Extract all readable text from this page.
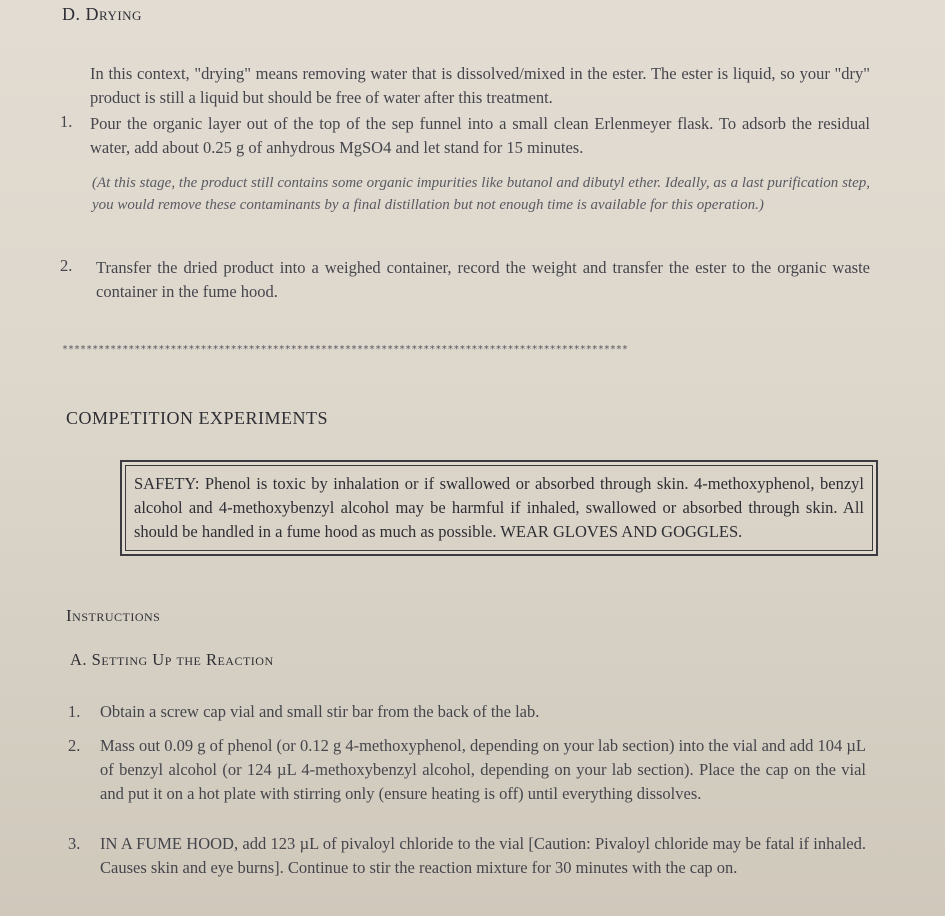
D. Drying
In this context, "drying" means removing water that is dissolved/mixed in the ester. The ester is liquid, so your "dry" product is still a liquid but should be free of water after this treatment.
1. Pour the organic layer out of the top of the sep funnel into a small clean Erlenmeyer flask. To adsorb the residual water, add about 0.25 g of anhydrous MgSO4 and let stand for 15 minutes.
(At this stage, the product still contains some organic impurities like butanol and dibutyl ether. Ideally, as a last purification step, you would remove these contaminants by a final distillation but not enough time is available for this operation.)
2. Transfer the dried product into a weighed container, record the weight and transfer the ester to the organic waste container in the fume hood.
**********************************************************************************************
COMPETITION EXPERIMENTS
SAFETY: Phenol is toxic by inhalation or if swallowed or absorbed through skin. 4-methoxyphenol, benzyl alcohol and 4-methoxybenzyl alcohol may be harmful if inhaled, swallowed or absorbed through skin. All should be handled in a fume hood as much as possible. WEAR GLOVES AND GOGGLES.
Instructions
A. Setting Up the Reaction
1. Obtain a screw cap vial and small stir bar from the back of the lab.
2. Mass out 0.09 g of phenol (or 0.12 g 4-methoxyphenol, depending on your lab section) into the vial and add 104 µL of benzyl alcohol (or 124 µL 4-methoxybenzyl alcohol, depending on your lab section). Place the cap on the vial and put it on a hot plate with stirring only (ensure heating is off) until everything dissolves.
3. IN A FUME HOOD, add 123 µL of pivaloyl chloride to the vial [Caution: Pivaloyl chloride may be fatal if inhaled. Causes skin and eye burns]. Continue to stir the reaction mixture for 30 minutes with the cap on.
